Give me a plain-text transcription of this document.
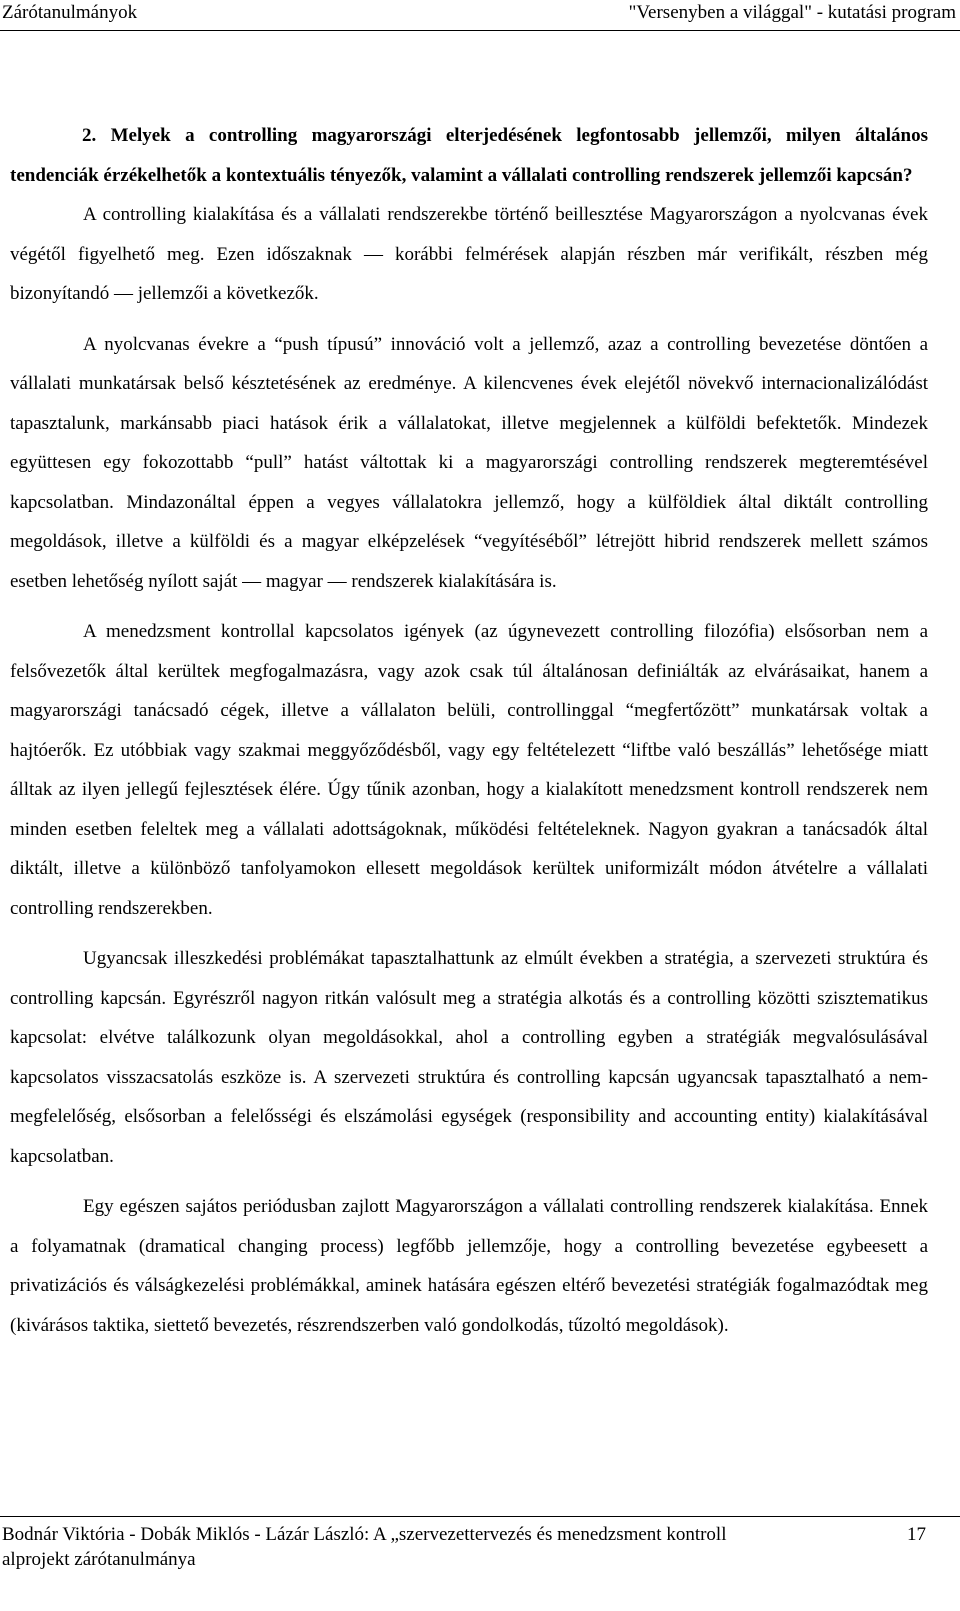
Zárótanulmányok	"Versenyben a világgal" - kutatási program
2. Melyek a controlling magyarországi elterjedésének legfontosabb jellemzői, milyen általános tendenciák érzékelhetők a kontextuális tényezők, valamint a vállalati controlling rendszerek jellemzői kapcsán?

A controlling kialakítása és a vállalati rendszerekbe történő beillesztése Magyarországon a nyolcvanas évek végétől figyelhető meg. Ezen időszaknak — korábbi felmérések alapján részben már verifikált, részben még bizonyítandó — jellemzői a következők.

A nyolcvanas évekre a “push típusú” innováció volt a jellemző, azaz a controlling bevezetése döntően a vállalati munkatársak belső késztetésének az eredménye. A kilencvenes évek elejétől növekvő internacionalizálódást tapasztalunk, markánsabb piaci hatások érik a vállalatokat, illetve megjelennek a külföldi befektetők. Mindezek együttesen egy fokozottabb “pull” hatást váltottak ki a magyarországi controlling rendszerek megteremtésével kapcsolatban. Mindazonáltal éppen a vegyes vállalatokra jellemző, hogy a külföldiek által diktált controlling megoldások, illetve a külföldi és a magyar elképzelések “vegyítéséből” létrejött hibrid rendszerek mellett számos esetben lehetőség nyílott saját — magyar — rendszerek kialakítására is.

A menedzsment kontrollal kapcsolatos igények (az úgynevezett controlling filozófia) elsősorban nem a felsővezetők által kerültek megfogalmazásra, vagy azok csak túl általánosan definiálták az elvárásaikat, hanem a magyarországi tanácsadó cégek, illetve a vállalaton belüli, controllinggal “megfertőzött” munkatársak voltak a hajtóerők. Ez utóbbiak vagy szakmai meggyőződésből, vagy egy feltételezett “liftbe való beszállás” lehetősége miatt álltak az ilyen jellegű fejlesztések élére. Úgy tűnik azonban, hogy a kialakított menedzsment kontroll rendszerek nem minden esetben feleltek meg a vállalati adottságoknak, működési feltételeknek. Nagyon gyakran a tanácsadók által diktált, illetve a különböző tanfolyamokon ellesett megoldások kerültek uniformizált módon átvételre a vállalati controlling rendszerekben.

Ugyancsak illeszkedési problémákat tapasztalhattunk az elmúlt években a stratégia, a szervezeti struktúra és controlling kapcsán. Egyrészről nagyon ritkán valósult meg a stratégia alkotás és a controlling közötti szisztematikus kapcsolat: elvétve találkozunk olyan megoldásokkal, ahol a controlling egyben a stratégiák megvalósulásával kapcsolatos visszacsatolás eszköze is. A szervezeti struktúra és controlling kapcsán ugyancsak tapasztalható a nem-megfelelőség, elsősorban a felelősségi és elszámolási egységek (responsibility and accounting entity) kialakításával kapcsolatban.

Egy egészen sajátos periódusban zajlott Magyarországon a vállalati controlling rendszerek kialakítása. Ennek a folyamatnak (dramatical changing process) legfőbb jellemzője, hogy a controlling bevezetése egybeesett a privatizációs és válságkezelési problémákkal, aminek hatására egészen eltérő bevezetési stratégiák fogalmazódtak meg (kivárásos taktika, siettető bevezetés, részrendszerben való gondolkodás, tűzoltó megoldások).

Bodnár Viktória - Dobák Miklós - Lázár László: A „szervezettervezés és menedzsment kontroll	17
alprojekt zárótanulmánya
